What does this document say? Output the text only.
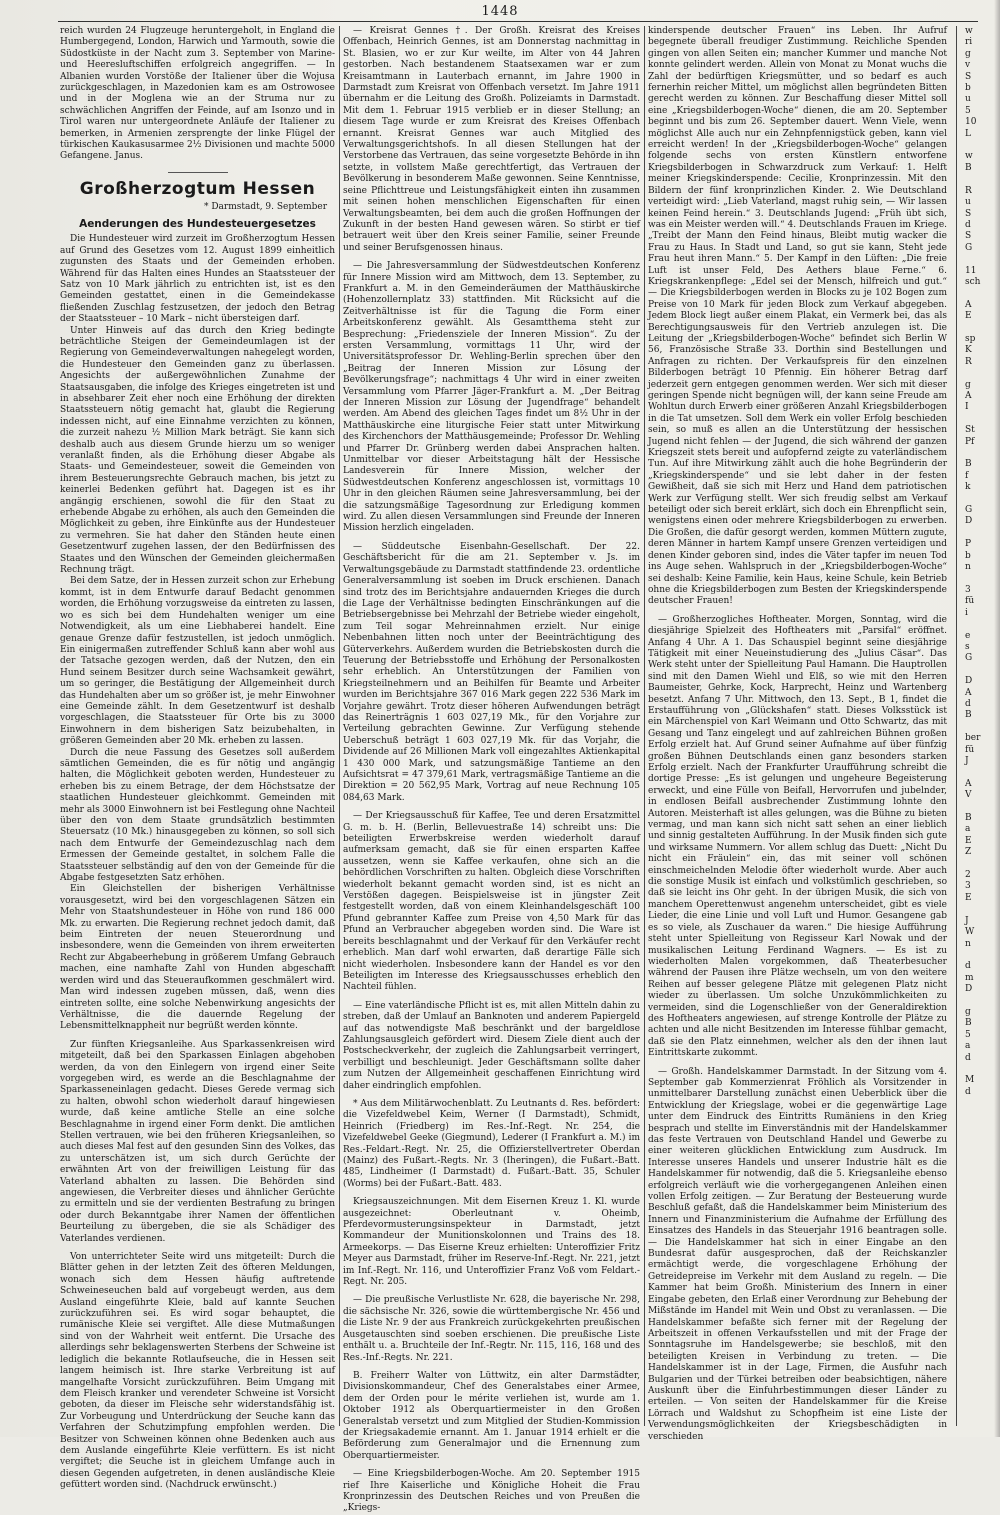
1448

reich wurden 24 Flugzeuge heruntergeholt, in England die Humbergegend, London, Harwich und Yarmouth, sowie die Südostküste in der Nacht zum 3. September von Marine- und Heeresluftschiffen erfolgreich angegriffen. — In Albanien wurden Vorstöße der Italiener über die Wojusa zurückgeschlagen, in Mazedonien kam es am Ostrowosee und in der Moglena wie an der Struma nur zu schwächlichen Angriffen der Feinde, auf am Isonzo und in Tirol waren nur untergeordnete Anläufe der Italiener zu bemerken, in Armenien zersprengte der linke Flügel der türkischen Kaukasusarmee 2½ Divisionen und machte 5000 Gefangene. Janus.

Großherzogtum Hessen
* Darmstadt, 9. September
Aenderungen des Hundesteuergesetzes

Die Hundesteuer wird zurzeit im Großherzogtum Hessen auf Grund des Gesetzes vom 12. August 1899 einheitlich zugunsten des Staats und der Gemeinden erhoben. Während für das Halten eines Hundes an Staatssteuer der Satz von 10 Mark jährlich zu entrichten ist, ist es den Gemeinden gestattet, einen in die Gemeindekasse fließenden Zuschlag festzusetzen, der jedoch den Betrag der Staatssteuer – 10 Mark – nicht übersteigen darf.

Unter Hinweis auf das durch den Krieg bedingte beträchtliche Steigen der Gemeindeumlagen ist der Regierung von Gemeindeverwaltungen nahegelegt worden, die Hundesteuer den Gemeinden ganz zu überlassen. Angesichts der außergewöhnlichen Zunahme der Staatsausgaben, die infolge des Krieges eingetreten ist und in absehbarer Zeit eher noch eine Erhöhung der direkten Staatssteuern nötig gemacht hat, glaubt die Regierung indessen nicht, auf eine Einnahme verzichten zu können, die zurzeit nahezu ½ Million Mark beträgt. Sie kann sich deshalb auch aus diesem Grunde hierzu um so weniger veranlaßt finden, als die Erhöhung dieser Abgabe als Staats- und Gemeindesteuer, soweit die Gemeinden von ihrem Besteuerungsrechte Gebrauch machen, bis jetzt zu keinerlei Bedenken geführt hat. Dagegen ist es ihr angängig erschienen, sowohl die für den Staat zu erhebende Abgabe zu erhöhen, als auch den Gemeinden die Möglichkeit zu geben, ihre Einkünfte aus der Hundesteuer zu vermehren. Sie hat daher den Ständen heute einen Gesetzentwurf zugehen lassen, der den Bedürfnissen des Staates und den Wünschen der Gemeinden gleichermaßen Rechnung trägt.

Bei dem Satze, der in Hessen zurzeit schon zur Erhebung kommt, ist in dem Entwurfe darauf Bedacht genommen worden, die Erhöhung vorzugsweise da eintreten zu lassen, wo es sich bei dem Hundehalten weniger um eine Notwendigkeit, als um eine Liebhaberei handelt. Eine genaue Grenze dafür festzustellen, ist jedoch unmöglich. Ein einigermaßen zutreffender Schluß kann aber wohl aus der Tatsache gezogen werden, daß der Nutzen, den ein Hund seinem Besitzer durch seine Wachsamkeit gewährt, um so geringer, die Bestätigung der Allgemeinheit durch das Hundehalten aber um so größer ist, je mehr Einwohner eine Gemeinde zählt. In dem Gesetzentwurf ist deshalb vorgeschlagen, die Staatssteuer für Orte bis zu 3000 Einwohnern in dem bisherigen Satz beizubehalten, in größeren Gemeinden aber 20 Mk. erheben zu lassen.

Durch die neue Fassung des Gesetzes soll außerdem sämtlichen Gemeinden, die es für nötig und angängig halten, die Möglichkeit geboten werden, Hundesteuer zu erheben bis zu einem Betrage, der dem Höchstsatze der staatlichen Hundesteuer gleichkommt. Gemeinden mit mehr als 3000 Einwohnern ist bei Festlegung ohne Nachteil über den von dem Staate grundsätzlich bestimmten Steuersatz (10 Mk.) hinausgegeben zu können, so soll sich nach dem Entwurfe der Gemeindezuschlag nach dem Ermessen der Gemeinde gestaltet, in solchem Falle die Staatssteuer selbständig auf den von der Gemeinde für die Abgabe festgesetzten Satz erhöhen.

Ein Gleichstellen der bisherigen Verhältnisse vorausgesetzt, wird bei den vorgeschlagenen Sätzen ein Mehr von Staatshundesteuer in Höhe von rund 186 000 Mk. zu erwarten. Die Regierung rechnet jedoch damit, daß beim Eintreten der neuen Steuerordnung und insbesondere, wenn die Gemeinden von ihrem erweiterten Recht zur Abgabeerhebung in größerem Umfang Gebrauch machen, eine namhafte Zahl von Hunden abgeschafft werden wird und das Steueraufkommen geschmälert wird. Man wird indessen zugeben müssen, daß, wenn dies eintreten sollte, eine solche Nebenwirkung angesichts der Verhältnisse, die die dauernde Regelung der Lebensmittelknappheit nur begrüßt werden könnte.

Zur fünften Kriegsanleihe. Aus Sparkassenkreisen wird mitgeteilt, daß bei den Sparkassen Einlagen abgehoben werden, da von den Einlegern von irgend einer Seite vorgegeben wird, es werde an die Beschlagnahme der Sparkasseneinlagen gedacht. Dieses Gerede vermag sich zu halten, obwohl schon wiederholt darauf hingewiesen wurde, daß keine amtliche Stelle an eine solche Beschlagnahme in irgend einer Form denkt. Die amtlichen Stellen vertrauen, wie bei den früheren Kriegsanleihen, so auch dieses Mal fest auf den gesunden Sinn des Volkes, das zu unterschätzen ist, um sich durch Gerüchte der erwähnten Art von der freiwilligen Leistung für das Vaterland abhalten zu lassen. Die Behörden sind angewiesen, die Verbreiter dieses und ähnlicher Gerüchte zu ermitteln und sie der verdienten Bestrafung zu bringen oder durch Bekanntgabe ihrer Namen der öffentlichen Beurteilung zu übergeben, die sie als Schädiger des Vaterlandes verdienen.

Von unterrichteter Seite wird uns mitgeteilt: Durch die Blätter gehen in der letzten Zeit des öfteren Meldungen, wonach sich dem Hessen häufig auftretende Schweineseuchen bald auf vorgebeugt werden, aus dem Ausland eingeführte Kleie, bald auf kannte Seuchen zurückzuführen sei. Es wird sogar behauptet, die rumänische Kleie sei vergiftet. Alle diese Mutmaßungen sind von der Wahrheit weit entfernt. Die Ursache des allerdings sehr beklagenswerten Sterbens der Schweine ist lediglich die bekannte Rotlaufseuche, die in Hessen seit langem heimisch ist. Ihre starke Verbreitung ist auf mangelhafte Vorsicht zurückzuführen. Beim Umgang mit dem Fleisch kranker und verendeter Schweine ist Vorsicht geboten, da dieser im Fleische sehr widerstandsfähig ist. Zur Vorbeugung und Unterdrückung der Seuche kann das Verfahren der Schutzimpfung empfohlen werden. Die Besitzer von Schweinen können ohne Bedenken auch aus dem Auslande eingeführte Kleie verfüttern. Es ist nicht vergiftet; die Seuche ist in gleichem Umfange auch in diesen Gegenden aufgetreten, in denen ausländische Kleie gefüttert worden sind. (Nachdruck erwünscht.)

— Kreisrat Gennes †. Der Großh. Kreisrat des Kreises Offenbach, Heinrich Gennes, ist am Donnerstag nachmittag in St. Blasien, wo er zur Kur weilte, im Alter von 44 Jahren gestorben. Nach bestandenem Staatsexamen war er zum Kreisamtmann in Lauterbach ernannt, im Jahre 1900 in Darmstadt zum Kreisrat von Offenbach versetzt. Im Jahre 1911 übernahm er die Leitung des Großh. Polizeiamts in Darmstadt. Mit dem 1. Februar 1915 verblieb er in dieser Stellung; an diesem Tage wurde er zum Kreisrat des Kreises Offenbach ernannt. Kreisrat Gennes war auch Mitglied des Verwaltungsgerichtshofs. In all diesen Stellungen hat der Verstorbene das Vertrauen, das seine vorgesetzte Behörde in ihn setzte, in vollstem Maße gerechtfertigt, das Vertrauen der Bevölkerung in besonderem Maße gewonnen. Seine Kenntnisse, seine Pflichttreue und Leistungsfähigkeit einten ihn zusammen mit seinen hohen menschlichen Eigenschaften für einen Verwaltungsbeamten, bei dem auch die großen Hoffnungen der Zukunft in der besten Hand gewesen wären. So stirbt er tief betrauert weit über den Kreis seiner Familie, seiner Freunde und seiner Berufsgenossen hinaus.

— Die Jahresversammlung der Südwestdeutschen Konferenz für Innere Mission wird am Mittwoch, dem 13. September, zu Frankfurt a. M. in den Gemeinderäumen der Matthäuskirche (Hohenzollernplatz 33) stattfinden. Mit Rücksicht auf die Zeitverhältnisse ist für die Tagung die Form einer Arbeitskonferenz gewählt. Als Gesamtthema steht zur Besprechung: „Friedensziele der Inneren Mission“. Zu der ersten Versammlung, vormittags 11 Uhr, wird der Universitätsprofessor Dr. Wehling-Berlin sprechen über den „Beitrag der Inneren Mission zur Lösung der Bevölkerungsfrage“; nachmittags 4 Uhr wird in einer zweiten Versammlung vom Pfarrer Jäger-Frankfurt a. M. „Der Beitrag der Inneren Mission zur Lösung der Jugendfrage“ behandelt werden. Am Abend des gleichen Tages findet um 8½ Uhr in der Matthäuskirche eine liturgische Feier statt unter Mitwirkung des Kirchenchors der Matthäusgemeinde; Professor Dr. Wehling und Pfarrer Dr. Grünberg werden dabei Ansprachen halten. Unmittelbar vor dieser Arbeitstagung hält der Hessische Landesverein für Innere Mission, welcher der Südwestdeutschen Konferenz angeschlossen ist, vormittags 10 Uhr in den gleichen Räumen seine Jahresversammlung, bei der die satzungsmäßige Tagesordnung zur Erledigung kommen wird. Zu allen diesen Versammlungen sind Freunde der Inneren Mission herzlich eingeladen.

— Süddeutsche Eisenbahn-Gesellschaft. Der 22. Geschäftsbericht für die am 21. September v. Js. im Verwaltungsgebäude zu Darmstadt stattfindende 23. ordentliche Generalversammlung ist soeben im Druck erschienen. Danach sind trotz des im Berichtsjahre andauernden Krieges die durch die Lage der Verhältnisse bedingten Einschränkungen auf die Betriebsergebnisse bei Mehrzahl der Betriebe wieder eingeholt, zum Teil sogar Mehreinnahmen erzielt. Nur einige Nebenbahnen litten noch unter der Beeinträchtigung des Güterverkehrs. Außerdem wurden die Betriebskosten durch die Teuerung der Betriebsstoffe und Erhöhung der Personalkosten sehr erheblich. An Unterstützungen der Familien von Kriegsteilnehmern und an Beihilfen für Beamte und Arbeiter wurden im Berichtsjahre 367 016 Mark gegen 222 536 Mark im Vorjahre gewährt. Trotz dieser höheren Aufwendungen beträgt das Reinerträgnis 1 603 027,19 Mk., für den Vorjahre zur Verteilung gebrachten Gewinne. Zur Verfügung stehende Ueberschuß beträgt 1 603 027,19 Mk. für das Vorjahr, die Dividende auf 26 Millionen Mark voll eingezahltes Aktienkapital 1 430 000 Mark, und satzungsmäßige Tantieme an den Aufsichtsrat = 47 379,61 Mark, vertragsmäßige Tantieme an die Direktion = 20 562,95 Mark, Vortrag auf neue Rechnung 105 084,63 Mark.

— Der Kriegsausschuß für Kaffee, Tee und deren Ersatzmittel G. m. b. H. (Berlin, Bellevuestraße 14) schreibt uns: Die beteiligten Erwerbskreise werden wiederholt darauf aufmerksam gemacht, daß sie für einen ersparten Kaffee aussetzen, wenn sie Kaffee verkaufen, ohne sich an die behördlichen Vorschriften zu halten. Obgleich diese Vorschriften wiederholt bekannt gemacht worden sind, ist es nicht an Verstößen dagegen. Beispielsweise ist in jüngster Zeit festgestellt worden, daß von einem Kleinhandelsgeschäft 100 Pfund gebrannter Kaffee zum Preise von 4,50 Mark für das Pfund an Verbraucher abgegeben worden sind. Die Ware ist bereits beschlagnahmt und der Verkauf für den Verkäufer recht erheblich. Man darf wohl erwarten, daß derartige Fälle sich nicht wiederholen. Insbesondere kann der Handel es vor den Beteiligten im Interesse des Kriegsausschusses erheblich den Nachteil fühlen.

— Eine vaterländische Pflicht ist es, mit allen Mitteln dahin zu streben, daß der Umlauf an Banknoten und anderem Papiergeld auf das notwendigste Maß beschränkt und der bargeldlose Zahlungsausgleich gefördert wird. Diesem Ziele dient auch der Postscheckverkehr, der zugleich die Zahlungsarbeit verringert, verbilligt und beschleunigt. Jeder Geschäftsmann sollte daher zum Nutzen der Allgemeinheit geschaffenen Einrichtung wird daher eindringlich empfohlen.

* Aus dem Militärwochenblatt. Zu Leutnants d. Res. befördert: die Vizefeldwebel Keim, Werner (I Darmstadt), Schmidt, Heinrich (Friedberg) im Res.-Inf.-Regt. Nr. 254, die Vizefeldwebel Geeke (Giegmund), Lederer (I Frankfurt a. M.) im Res.-Feldart.-Regt. Nr. 25, die Offizierstellvertreter Oberdan (Mainz) des Fußart.-Regts. Nr. 3 (Iheringen), die Fußart.-Batt. 485, Lindheimer (I Darmstadt) d. Fußart.-Batt. 35, Schuler (Worms) bei der Fußart.-Batt. 483.

Kriegsauszeichnungen. Mit dem Eisernen Kreuz 1. Kl. wurde ausgezeichnet: Oberleutnant v. Oheimb, Pferdevormusterungsinspekteur in Darmstadt, jetzt Kommandeur der Munitionskolonnen und Trains des 18. Armeekorps. — Das Eiserne Kreuz erhielten: Unteroffizier Fritz Meyer aus Darmstadt, früher im Reserve-Inf.-Regt. Nr. 221, jetzt im Inf.-Regt. Nr. 116, und Unteroffizier Franz Voß vom Feldart.-Regt. Nr. 205.

— Die preußische Verlustliste Nr. 628, die bayerische Nr. 298, die sächsische Nr. 326, sowie die württembergische Nr. 456 und die Liste Nr. 9 der aus Frankreich zurückgekehrten preußischen Ausgetauschten sind soeben erschienen. Die preußische Liste enthält u. a. Bruchteile der Inf.-Regtr. Nr. 115, 116, 168 und des Res.-Inf.-Regts. Nr. 221.

B. Freiherr Walter von Lüttwitz, ein alter Darmstädter, Divisionskommandeur, Chef des Generalstabes einer Armee, dem der Orden pour le mérite verliehen ist, wurde am 1. Oktober 1912 als Oberquartiermeister in den Großen Generalstab versetzt und zum Mitglied der Studien-Kommission der Kriegsakademie ernannt. Am 1. Januar 1914 erhielt er die Beförderung zum Generalmajor und die Ernennung zum Oberquartiermeister.

— Eine Kriegsbilderbogen-Woche. Am 20. September 1915 rief Ihre Kaiserliche und Königliche Hoheit die Frau Kronprinzessin des Deutschen Reiches und von Preußen die „Kriegs-

kinderspende deutscher Frauen“ ins Leben. Ihr Aufruf begegnete überall freudiger Zustimmung. Reichliche Spenden gingen von allen Seiten ein; mancher Kummer und manche Not konnte gelindert werden. Allein von Monat zu Monat wuchs die Zahl der bedürftigen Kriegsmütter, und so bedarf es auch fernerhin reicher Mittel, um möglichst allen begründeten Bitten gerecht werden zu können. Zur Beschaffung dieser Mittel soll eine „Kriegsbilderbogen-Woche“ dienen, die am 20. September beginnt und bis zum 26. September dauert. Wenn Viele, wenn möglichst Alle auch nur ein Zehnpfennigstück geben, kann viel erreicht werden! In der „Kriegsbilderbogen-Woche“ gelangen folgende sechs von ersten Künstlern entworfene Kriegsbilderbogen in Schwarzdruck zum Verkauf: 1. Helft meiner Kriegskinderspende: Cecilie, Kronprinzessin. Mit den Bildern der fünf kronprinzlichen Kinder. 2. Wie Deutschland verteidigt wird: „Lieb Vaterland, magst ruhig sein, — Wir lassen keinen Feind herein.“ 3. Deutschlands Jugend: „Früh übt sich, was ein Meister werden will.“ 4. Deutschlands Frauen im Kriege. „Treibt der Mann den Feind hinaus, Bleibt mutig wacker die Frau zu Haus. In Stadt und Land, so gut sie kann, Steht jede Frau heut ihren Mann.“ 5. Der Kampf in den Lüften: „Die freie Luft ist unser Feld, Des Aethers blaue Ferne.“ 6. Kriegskrankenpflege: „Edel sei der Mensch, hilfreich und gut.“ — Die Kriegsbilderbogen werden in Blocks zu je 102 Bogen zum Preise von 10 Mark für jeden Block zum Verkauf abgegeben. Jedem Block liegt außer einem Plakat, ein Vermerk bei, das als Berechtigungsausweis für den Vertrieb anzulegen ist. Die Leitung der „Kriegsbilderbogen-Woche“ befindet sich Berlin W 56, Französische Straße 33. Dorthin sind Bestellungen und Anfragen zu richten. Der Verkaufspreis für den einzelnen Bilderbogen beträgt 10 Pfennig. Ein höherer Betrag darf jederzeit gern entgegen genommen werden. Wer sich mit dieser geringen Spende nicht begnügen will, der kann seine Freude am Wohltun durch Erwerb einer größeren Anzahl Kriegsbilderbogen in die Tat umsetzen. Soll dem Werk ein voller Erfolg beschieden sein, so muß es allen an die Unterstützung der hessischen Jugend nicht fehlen — der Jugend, die sich während der ganzen Kriegszeit stets bereit und aufopfernd zeigte zu vaterländischem Tun. Auf ihre Mitwirkung zählt auch die hohe Begründerin der „Kriegskinderspende“ und sie lebt daher in der festen Gewißheit, daß sie sich mit Herz und Hand dem patriotischen Werk zur Verfügung stellt. Wer sich freudig selbst am Verkauf beteiligt oder sich bereit erklärt, sich doch ein Ehrenpflicht sein, wenigstens einen oder mehrere Kriegsbilderbogen zu erwerben. Die Großen, die dafür gesorgt werden, kommen Müttern zugute, deren Männer in hartem Kampf unsere Grenzen verteidigen und denen Kinder geboren sind, indes die Väter tapfer im neuen Tod ins Auge sehen. Wahlspruch in der „Kriegsbilderbogen-Woche“ sei deshalb: Keine Familie, kein Haus, keine Schule, kein Betrieb ohne die Kriegsbilderbogen zum Besten der Kriegskinderspende deutscher Frauen!

— Großherzogliches Hoftheater. Morgen, Sonntag, wird die diesjährige Spielzeit des Hoftheaters mit „Parsifal“ eröffnet. Anfang 4 Uhr. A 1. Das Schauspiel beginnt seine diesjährige Tätigkeit mit einer Neueinstudierung des „Julius Cäsar“. Das Werk steht unter der Spielleitung Paul Hamann. Die Hauptrollen sind mit den Damen Wiehl und Elß, so wie mit den Herren Baumeister, Gehrke, Kock, Harprecht, Heinz und Wartenberg besetzt. Anfang 7 Uhr. Mittwoch, den 13. Sept., B 1, findet die Erstaufführung von „Glückshafen“ statt. Dieses Volksstück ist ein Märchenspiel von Karl Weimann und Otto Schwartz, das mit Gesang und Tanz eingelegt und auf zahlreichen Bühnen großen Erfolg erzielt hat. Auf Grund seiner Aufnahme auf über fünfzig großen Bühnen Deutschlands einen ganz besonders starken Erfolg erzielt. Nach der Frankfurter Uraufführung schreibt die dortige Presse: „Es ist gelungen und ungeheure Begeisterung erweckt, und eine Fülle von Beifall, Hervorrufen und jubelnder, in endlosen Beifall ausbrechender Zustimmung lohnte den Autoren. Meisterhaft ist alles gelungen, was die Bühne zu bieten vermag, und man kann sich nicht satt sehen an einer lieblich und sinnig gestalteten Aufführung. In der Musik finden sich gute und wirksame Nummern. Vor allem schlug das Duett: „Nicht Du nicht ein Fräulein“ ein, das mit seiner voll schönen einschmeichelnden Melodie öfter wiederholt wurde. Aber auch die sonstige Musik ist einfach und volkstümlich geschrieben, so daß sie leicht ins Ohr geht. In der übrigen Musik, die sich von manchem Operettenwust angenehm unterscheidet, gibt es viele Lieder, die eine Linie und voll Luft und Humor. Gesangene gab es so viele, als Zuschauer da waren.“ Die hiesige Aufführung steht unter Spielleitung von Regisseur Karl Nowak und der musikalischen Leitung Ferdinand Wagners. — Es ist zu wiederholten Malen vorgekommen, daß Theaterbesucher während der Pausen ihre Plätze wechseln, um von den weitere Reihen auf besser gelegene Plätze mit gelegenen Platz nicht wieder zu überlassen. Um solche Unzukömmlichkeiten zu vermeiden, sind die Logenschließer von der Generaldirektion des Hoftheaters angewiesen, auf strenge Kontrolle der Plätze zu achten und alle nicht Besitzenden im Interesse fühlbar gemacht, daß sie den Platz einnehmen, welcher als den der ihnen laut Eintrittskarte zukommt.

— Großh. Handelskammer Darmstadt. In der Sitzung vom 4. September gab Kommerzienrat Fröhlich als Vorsitzender in unmittelbarer Darstellung zunächst einen Ueberblick über die Entwicklung der Kriegslage, wobei er die gegenwärtige Lage unter dem Eindruck des Eintritts Rumäniens in den Krieg besprach und stellte im Einverständnis mit der Handelskammer das feste Vertrauen von Deutschland Handel und Gewerbe zu einer weiteren glücklichen Entwicklung zum Ausdruck. Im Interesse unseres Handels und unserer Industrie hält es die Handelskammer für notwendig, daß die 5. Kriegsanleihe ebenso erfolgreich verläuft wie die vorhergegangenen Anleihen einen vollen Erfolg zeitigen. — Zur Beratung der Besteuerung wurde Beschluß gefaßt, daß die Handelskammer beim Ministerium des Innern und Finanzministerium die Aufnahme der Erfüllung des Einsatzes des Handels in das Steuerjahr 1916 beantragen solle. — Die Handelskammer hat sich in einer Eingabe an den Bundesrat dafür ausgesprochen, daß der Reichskanzler ermächtigt werde, die vorgeschlagene Erhöhung der Getreidepreise im Verkehr mit dem Ausland zu regeln. — Die Kammer hat beim Großh. Ministerium des Innern in einer Eingabe gebeten, den Erlaß einer Verordnung zur Behebung der Mißstände im Handel mit Wein und Obst zu veranlassen. — Die Handelskammer befaßte sich ferner mit der Regelung der Arbeitszeit in offenen Verkaufsstellen und mit der Frage der Sonntagsruhe im Handelsgewerbe; sie beschloß, mit den beteiligten Kreisen in Verbindung zu treten. — Die Handelskammer ist in der Lage, Firmen, die Ausfuhr nach Bulgarien und der Türkei betreiben oder beabsichtigen, nähere Auskunft über die Einfuhrbestimmungen dieser Länder zu erteilen. — Von seiten der Handelskammer für die Kreise Lörrach und Waldshut zu Schopfheim ist eine Liste der Verwendungsmöglichkeiten der Kriegsbeschädigten in verschieden

w
ri
g
v
S
b
u
5
10
L

w
B

R
u
S
d
S
G

11
sch

A
E

sp
K
R

g
A
I

St
Pf

B
f
k

G
D

P
b
n

3
fü
i

e
s
G

D
A
d
B

ber
fü
J

A
V

B
a
E
Z

2
3
E

J
W
n

d
m
D

g
B
5
a
d

M
d
